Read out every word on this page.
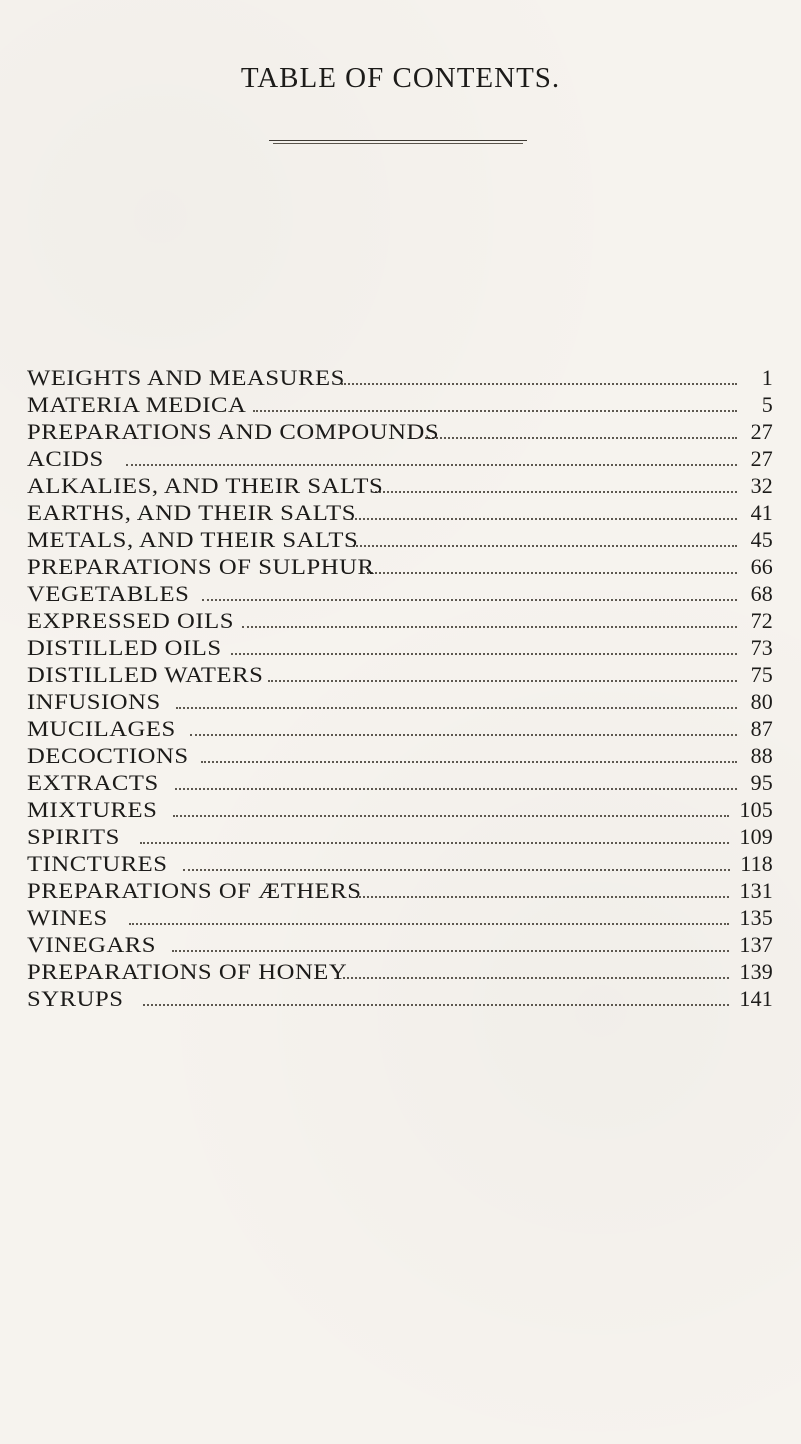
TABLE OF CONTENTS.
WEIGHTS AND MEASURES	1
MATERIA MEDICA	5
PREPARATIONS AND COMPOUNDS	27
ACIDS	27
ALKALIES, AND THEIR SALTS	32
EARTHS, AND THEIR SALTS	41
METALS, AND THEIR SALTS	45
PREPARATIONS OF SULPHUR	66
VEGETABLES	68
EXPRESSED OILS	72
DISTILLED OILS	73
DISTILLED WATERS	75
INFUSIONS	80
MUCILAGES	87
DECOCTIONS	88
EXTRACTS	95
MIXTURES	105
SPIRITS	109
TINCTURES	118
PREPARATIONS OF ÆTHERS	131
WINES	135
VINEGARS	137
PREPARATIONS OF HONEY	139
SYRUPS	141
